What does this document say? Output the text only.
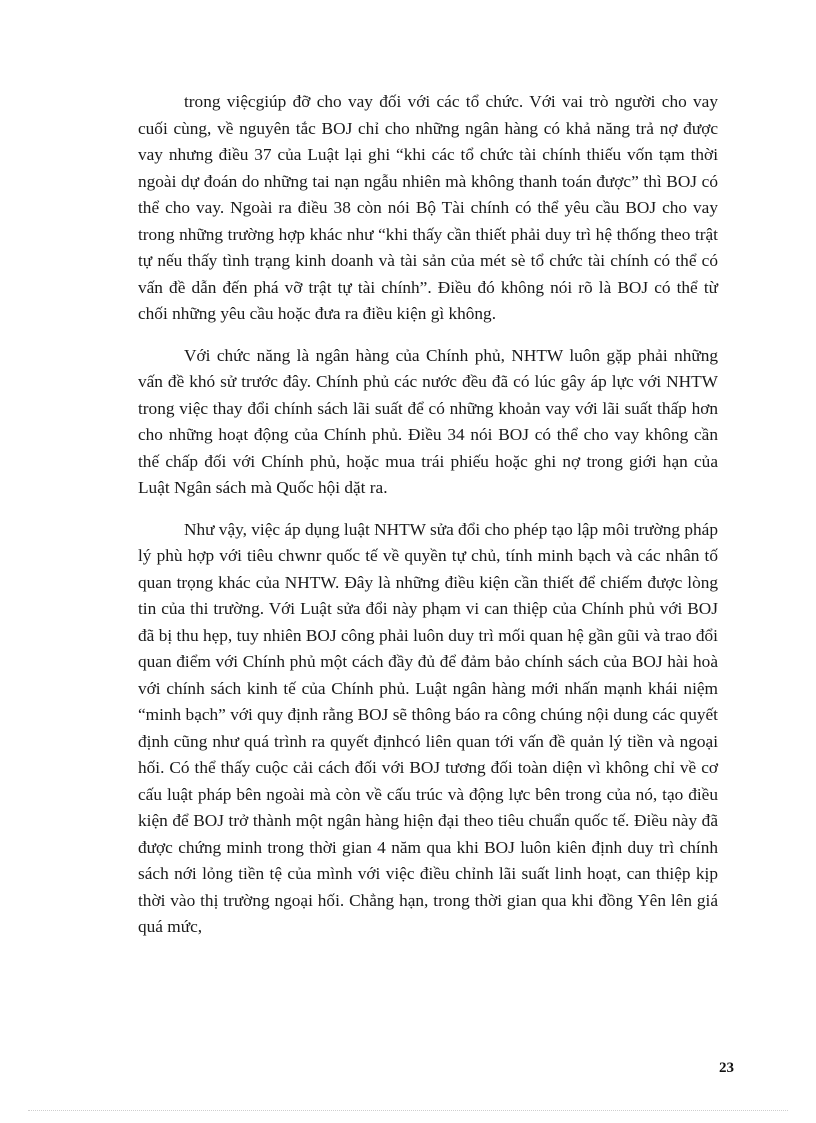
trong việcgiúp đỡ cho vay đối với các tổ chức. Với vai trò người cho vay cuối cùng, về nguyên tắc BOJ chỉ cho những ngân hàng có khả năng trả nợ được vay nhưng điều 37 của Luật lại ghi “khi các tổ chức tài chính thiếu vốn tạm thời ngoài dự đoán do những tai nạn ngẫu nhiên mà không thanh toán được” thì BOJ có thể cho vay. Ngoài ra điều 38 còn nói Bộ Tài chính có thể yêu cầu BOJ cho vay trong những trường hợp khác như “khi thấy cần thiết phải duy trì hệ thống theo trật tự nếu thấy tình trạng kinh doanh và tài sản của mét sè tổ chức tài chính có thể có vấn đề dẫn đến phá vỡ trật tự tài chính”. Điều đó không nói rõ là BOJ có thể từ chối những yêu cầu hoặc đưa ra điều kiện gì không.

Với chức năng là ngân hàng của Chính phủ, NHTW luôn gặp phải những vấn đề khó sử trước đây. Chính phủ các nước đều đã có lúc gây áp lực với NHTW trong việc thay đổi chính sách lãi suất để có những khoản vay với lãi suất thấp hơn cho những hoạt động của Chính phủ. Điều 34 nói BOJ có thể cho vay không cần thế chấp đối với Chính phủ, hoặc mua trái phiếu hoặc ghi nợ trong giới hạn của Luật Ngân sách mà Quốc hội dặt ra.

Như vậy, việc áp dụng luật NHTW sửa đổi cho phép tạo lập môi trường pháp lý phù hợp với tiêu chwnr quốc tế về quyền tự chủ, tính minh bạch và các nhân tố quan trọng khác của NHTW. Đây là những điều kiện cần thiết để chiếm được lòng tin của thi trường. Với Luật sửa đổi này phạm vi can thiệp của Chính phủ với BOJ đã bị thu hẹp, tuy nhiên BOJ công phải luôn duy trì mối quan hệ gần gũi và trao đổi quan điểm với Chính phủ một cách đầy đủ để đảm bảo chính sách của BOJ hài hoà với chính sách kinh tế của Chính phủ. Luật ngân hàng mới nhấn mạnh khái niệm “minh bạch” với quy định rằng BOJ sẽ thông báo ra công chúng nội dung các quyết định cũng như quá trình ra quyết địnhcó liên quan tới vấn đề quản lý tiền và ngoại hối. Có thể thấy cuộc cải cách đối với BOJ tương đối toàn diện vì không chỉ về cơ cấu luật pháp bên ngoài mà còn về cấu trúc và động lực bên trong của nó, tạo điều kiện để BOJ trở thành một ngân hàng hiện đại theo tiêu chuẩn quốc tế. Điều này đã được chứng minh trong thời gian 4 năm qua khi BOJ luôn kiên định duy trì chính sách nới lỏng tiền tệ của mình với việc điều chỉnh lãi suất linh hoạt, can thiệp kịp thời vào thị trường ngoại hối. Chẳng hạn, trong thời gian qua khi đồng Yên lên giá quá mức,

23
